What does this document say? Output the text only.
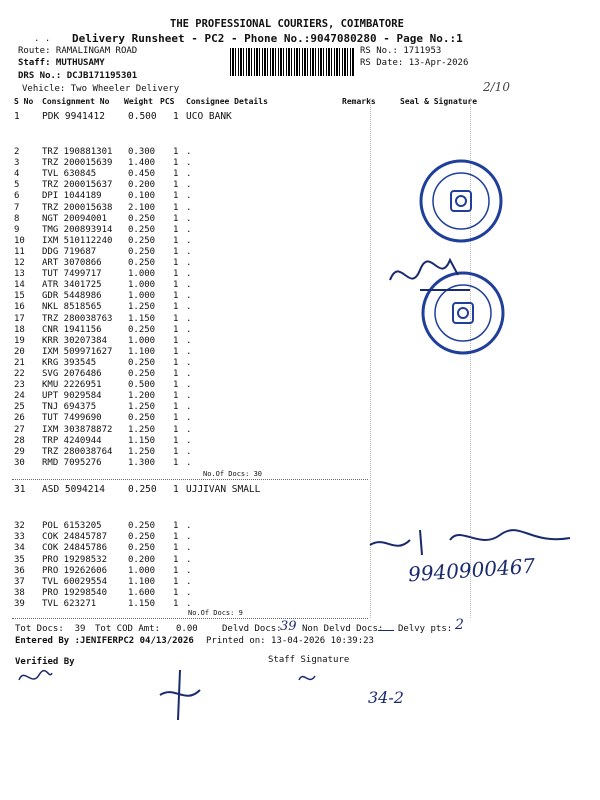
THE PROFESSIONAL COURIERS, COIMBATORE
Delivery Runsheet - PC2 - Phone No.:9047080280 - Page No.:1
. .
Route: RAMALINGAM ROAD
Staff: MUTHUSAMY
DRS No.: DCJB171195301
Vehicle: Two Wheeler Delivery
RS No.: 1711953
RS Date: 13-Apr-2026
2/10
S No Consignment No Weight PCS Consignee Details	Remarks	Seal & Signature
1 PDK 9941412 0.500 1 UCO BANK
2	TRZ 190881301 0.300 1 .
3	TRZ 200015639 1.400 1 .
4	TVL 630845	0.450 1 .
5	TRZ 200015637 0.200 1 .
6	DPI 1044189	0.100 1 .
7	TRZ 200015638 2.100 1 .
8	NGT 20094001 0.250 1 .
9	TMG 200893914 0.250 1 .
10 IXM 510112240 0.250 1 .
11 DDG 719687	0.250 1 .
12 ART 3070866	0.250 1 .
13 TUT 7499717	1.000 1 .
14 ATR 3401725	1.000 1 .
15 GDR 5448986	1.000 1 .
16 NKL 8518565	1.250 1 .
17 TRZ 280038763 1.150 1 .
18 CNR 1941156	0.250 1 .
19 KRR 30207384 1.000 1 .
20 IXM 509971627 1.100 1 .
21 KRG 393545	0.250 1 .
22 SVG 2076486	0.250 1 .
23 KMU 2226951	0.500 1 .
24 UPT 9029584	1.200 1 .
25 TNJ 694375	1.250 1 .
26 TUT 7499690	0.250 1 .
27 IXM 303878872 1.250 1 .
28 TRP 4240944	1.150 1 .
29 TRZ 280038764 1.250 1 .
30 RMD 7095276	1.300 1 .
No.Of Docs: 30
31 ASD 5094214 0.250 1 UJJIVAN SMALL
32 POL 6153205	0.250 1 .
33 COK 24845787 0.250 1 .
34 COK 24845786 0.250 1 .
35 PRO 19298532 0.200 1 .
36 PRO 19262606 1.000 1 .
37 TVL 60029554 1.100 1 .
38 PRO 19298540 1.600 1 .
39 TVL 623271	1.150 1 .
No.Of Docs: 9
Tot Docs:  39 Tot COD Amt: 0.00	Delvd Docs:
39 Non Delvd Docs: Delvy pts: 2
Entered By :JENIFERPC2 04/13/2026 Printed on: 13-04-2026 10:39:23
Verified By	Staff Signature
34-2
9940900467
